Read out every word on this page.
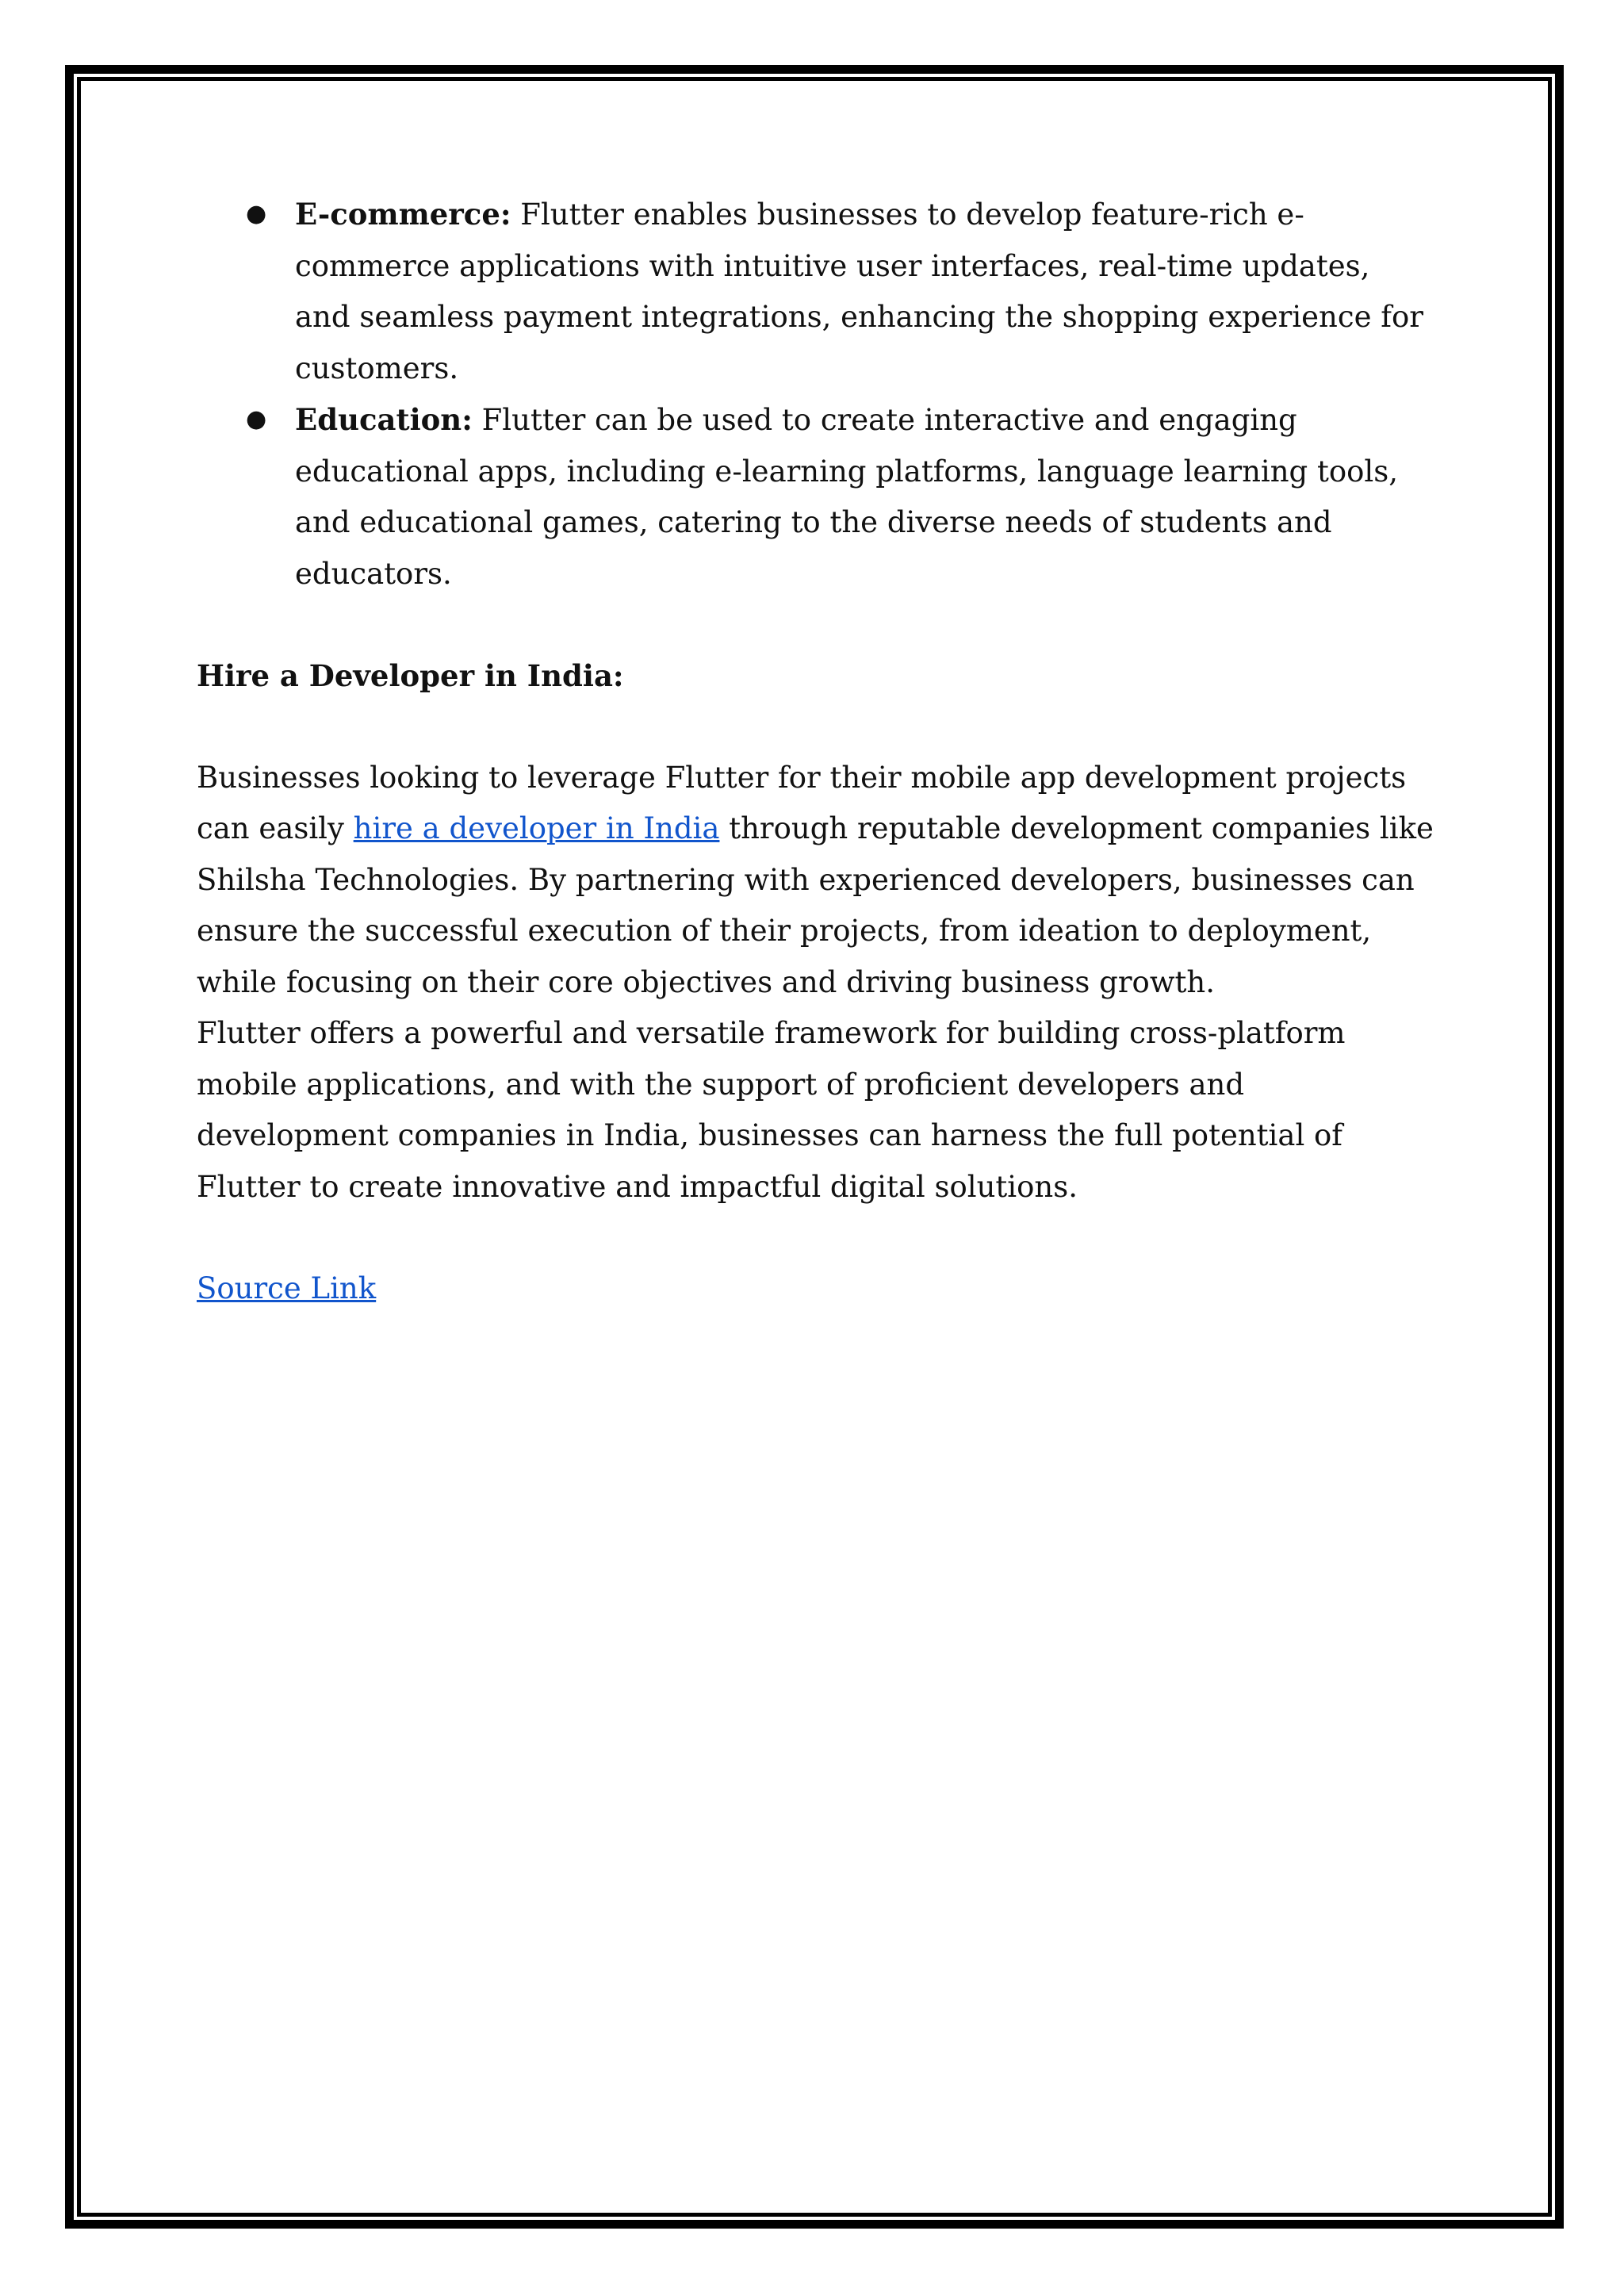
● E-commerce: Flutter enables businesses to develop feature-rich e-commerce applications with intuitive user interfaces, real-time updates, and seamless payment integrations, enhancing the shopping experience for customers.
● Education: Flutter can be used to create interactive and engaging educational apps, including e-learning platforms, language learning tools, and educational games, catering to the diverse needs of students and educators.
Hire a Developer in India:

Businesses looking to leverage Flutter for their mobile app development projects can easily hire a developer in India through reputable development companies like Shilsha Technologies. By partnering with experienced developers, businesses can ensure the successful execution of their projects, from ideation to deployment, while focusing on their core objectives and driving business growth.

Flutter offers a powerful and versatile framework for building cross-platform mobile applications, and with the support of proficient developers and development companies in India, businesses can harness the full potential of Flutter to create innovative and impactful digital solutions.

Source Link
